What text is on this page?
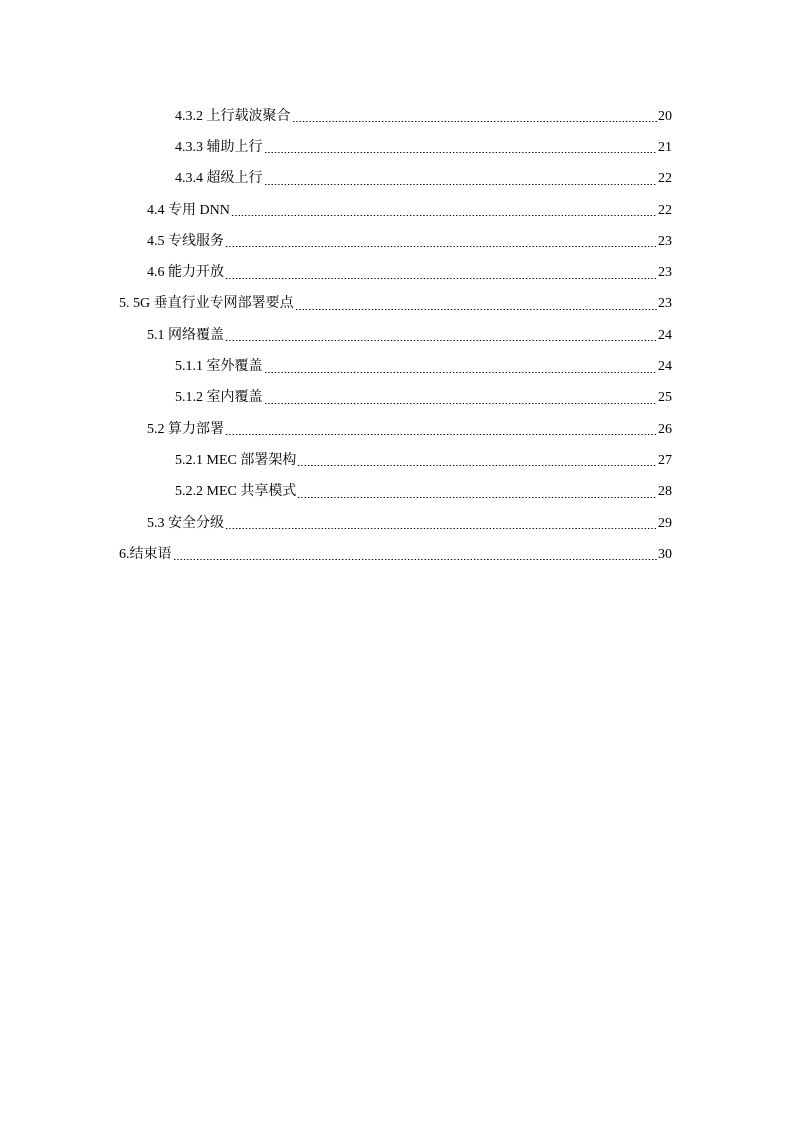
4.3.2 上行载波聚合	20
4.3.3 辅助上行	21
4.3.4 超级上行	22
4.4 专用 DNN	22
4.5 专线服务	23
4.6 能力开放	23
5. 5G 垂直行业专网部署要点	23
5.1 网络覆盖	24
5.1.1 室外覆盖	24
5.1.2 室内覆盖	25
5.2 算力部署	26
5.2.1 MEC 部署架构	27
5.2.2 MEC 共享模式	28
5.3 安全分级	29
6.结束语	30
